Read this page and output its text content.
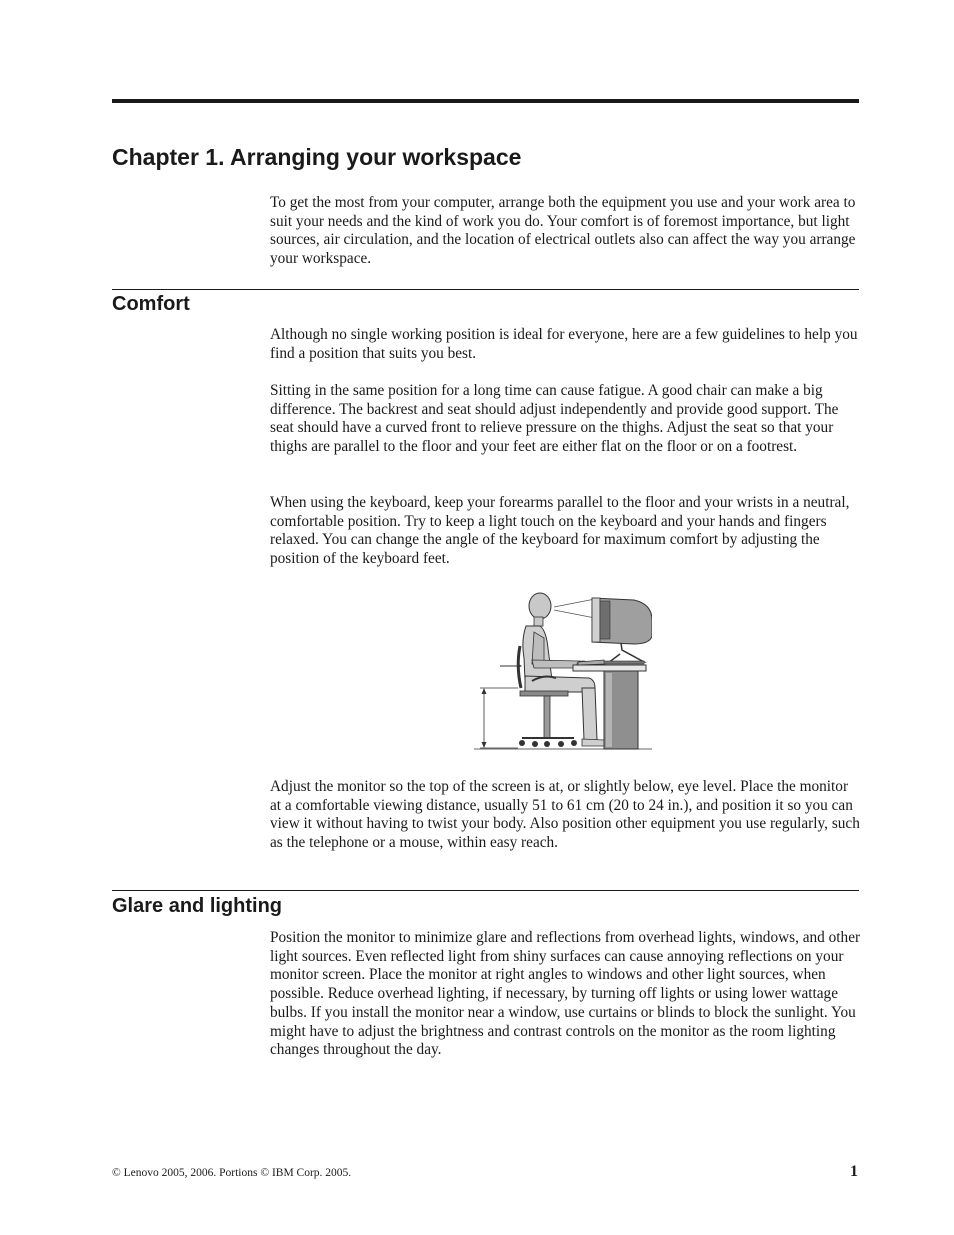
Chapter 1. Arranging your workspace

To get the most from your computer, arrange both the equipment you use and your work area to suit your needs and the kind of work you do. Your comfort is of foremost importance, but light sources, air circulation, and the location of electrical outlets also can affect the way you arrange your workspace.

Comfort

Although no single working position is ideal for everyone, here are a few guidelines to help you find a position that suits you best.

Sitting in the same position for a long time can cause fatigue. A good chair can make a big difference. The backrest and seat should adjust independently and provide good support. The seat should have a curved front to relieve pressure on the thighs. Adjust the seat so that your thighs are parallel to the floor and your feet are either flat on the floor or on a footrest.

When using the keyboard, keep your forearms parallel to the floor and your wrists in a neutral, comfortable position. Try to keep a light touch on the keyboard and your hands and fingers relaxed. You can change the angle of the keyboard for maximum comfort by adjusting the position of the keyboard feet.

Adjust the monitor so the top of the screen is at, or slightly below, eye level. Place the monitor at a comfortable viewing distance, usually 51 to 61 cm (20 to 24 in.), and position it so you can view it without having to twist your body. Also position other equipment you use regularly, such as the telephone or a mouse, within easy reach.

Glare and lighting

Position the monitor to minimize glare and reflections from overhead lights, windows, and other light sources. Even reflected light from shiny surfaces can cause annoying reflections on your monitor screen. Place the monitor at right angles to windows and other light sources, when possible. Reduce overhead lighting, if necessary, by turning off lights or using lower wattage bulbs. If you install the monitor near a window, use curtains or blinds to block the sunlight. You might have to adjust the brightness and contrast controls on the monitor as the room lighting changes throughout the day.

© Lenovo 2005, 2006. Portions © IBM Corp. 2005.	1
